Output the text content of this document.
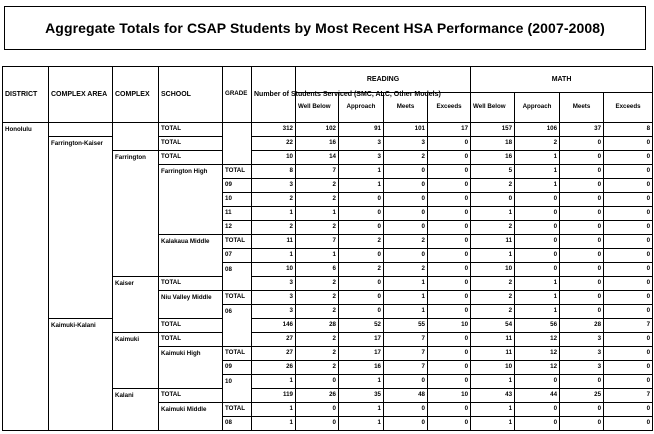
Aggregate Totals for CSAP Students by Most Recent HSA Performance (2007-2008)
DISTRICT	COMPLEX AREA	COMPLEX	SCHOOL	GRADE	Number of Students Serviced (SMC, ALC, Other Models)	READING				MATH			
						Well Below	Approach	Meets	Exceeds	Well Below	Approach	Meets	Exceeds
Honolulu			TOTAL		312	102	91	101	17	157	106	37	8
	Farrington-Kaiser		TOTAL		22	16	3	3	0	18	2	0	0
		Farrington	TOTAL		10	14	3	2	0	16	1	0	0
			Farrington High	TOTAL	8	7	1	0	0	5	1	0	0
				09	3	2	1	0	0	2	1	0	0
				10	2	2	0	0	0	0	0	0	0
				11	1	1	0	0	0	1	0	0	0
				12	2	2	0	0	0	2	0	0	0
			Kalakaua Middle	TOTAL	11	7	2	2	0	11	0	0	0
				07	1	1	0	0	0	1	0	0	0
				08	10	6	2	2	0	10	0	0	0
		Kaiser	TOTAL		3	2	0	1	0	2	1	0	0
			Niu Valley Middle	TOTAL	3	2	0	1	0	2	1	0	0
				06	3	2	0	1	0	2	1	0	0
	Kaimuki-Kalani		TOTAL		146	28	52	55	10	54	56	28	7
		Kaimuki	TOTAL		27	2	17	7	0	11	12	3	0
			Kaimuki High	TOTAL	27	2	17	7	0	11	12	3	0
				09	26	2	16	7	0	10	12	3	0
				10	1	0	1	0	0	1	0	0	0
		Kalani	TOTAL		119	26	35	48	10	43	44	25	7
			Kaimuki Middle	TOTAL	1	0	1	0	0	1	0	0	0
				08	1	0	1	0	0	1	0	0	0
